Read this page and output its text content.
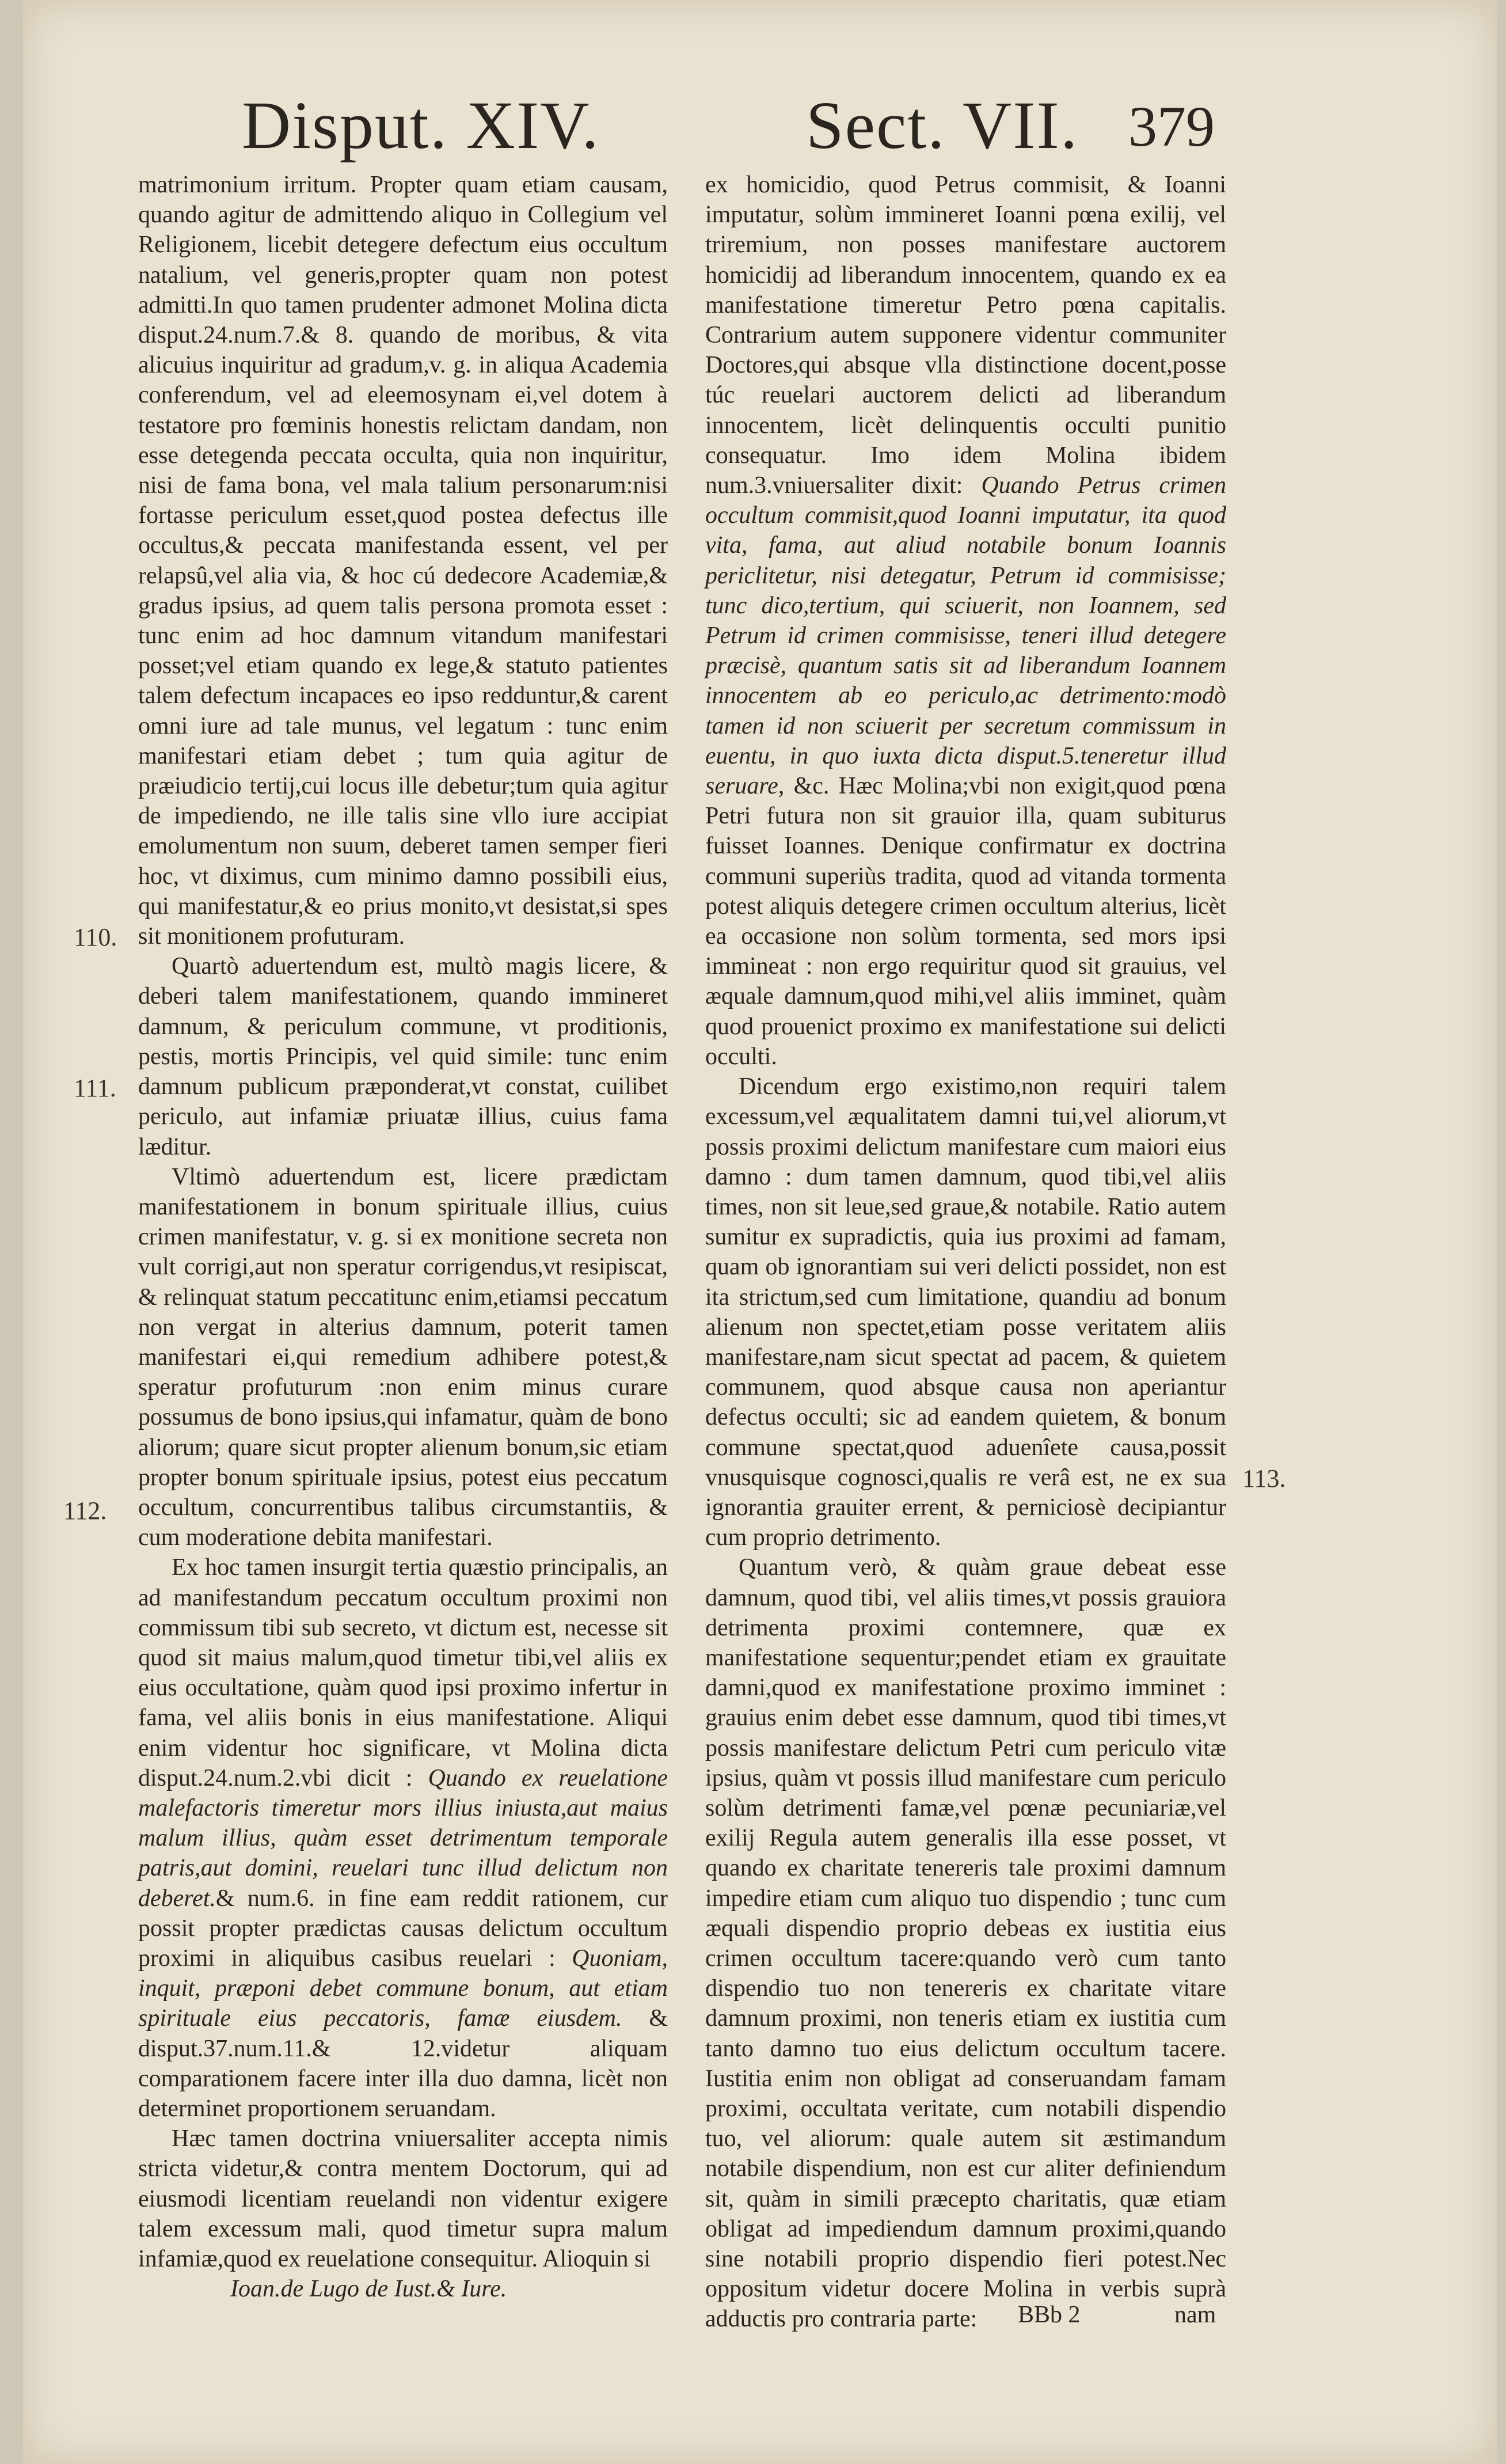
Disput. XIV.	Sect. VII. 379

matrimonium irritum. Propter quam etiam causam, quando agitur de admittendo aliquo in Collegium vel Religionem, licebit detegere defectum eius occultum natalium, vel generis,propter quam non potest admitti.In quo tamen prudenter admonet Molina dicta disput.24.num.7.& 8. quando de moribus, & vita alicuius inquiritur ad gradum,v. g. in aliqua Academia conferendum, vel ad eleemosynam ei,vel dotem à testatore pro fœminis honestis relictam dandam, non esse detegenda peccata occulta, quia non inquiritur, nisi de fama bona, vel mala talium personarum:nisi fortasse periculum esset,quod postea defectus ille occultus,& peccata manifestanda essent, vel per relapsû,vel alia via, & hoc cú dedecore Academiæ,& gradus ipsius, ad quem talis persona promota esset : tunc enim ad hoc damnum vitandum manifestari posset;vel etiam quando ex lege,& statuto patientes talem defectum incapaces eo ipso redduntur,& carent omni iure ad tale munus, vel legatum : tunc enim manifestari etiam debet ; tum quia agitur de præiudicio tertij,cui locus ille debetur;tum quia agitur de impediendo, ne ille talis sine vllo iure accipiat emolumentum non suum, deberet tamen semper fieri hoc, vt diximus, cum minimo damno possibili eius, qui manifestatur,& eo prius monito,vt desistat,si spes sit monitionem profuturam.

Quartò aduertendum est, multò magis licere, & deberi talem manifestationem, quando immineret damnum, & periculum commune, vt proditionis, pestis, mortis Principis, vel quid simile: tunc enim damnum publicum præponderat,vt constat, cuilibet periculo, aut infamiæ priuatæ illius, cuius fama læditur.

Vltimò aduertendum est, licere prædictam manifestationem in bonum spirituale illius, cuius crimen manifestatur, v. g. si ex monitione secreta non vult corrigi,aut non speratur corrigendus,vt resipiscat, & relinquat statum peccatitunc enim,etiamsi peccatum non vergat in alterius damnum, poterit tamen manifestari ei,qui remedium adhibere potest,& speratur profuturum :non enim minus curare possumus de bono ipsius,qui infamatur, quàm de bono aliorum; quare sicut propter alienum bonum,sic etiam propter bonum spirituale ipsius, potest eius peccatum occultum, concurrentibus talibus circumstantiis, & cum moderatione debita manifestari.

Ex hoc tamen insurgit tertia quæstio principalis, an ad manifestandum peccatum occultum proximi non commissum tibi sub secreto, vt dictum est, necesse sit quod sit maius malum,quod timetur tibi,vel aliis ex eius occultatione, quàm quod ipsi proximo infertur in fama, vel aliis bonis in eius manifestatione. Aliqui enim videntur hoc significare, vt Molina dicta disput.24.num.2.vbi dicit : Quando ex reuelatione malefactoris timeretur mors illius iniusta,aut maius malum illius, quàm esset detrimentum temporale patris,aut domini, reuelari tunc illud delictum non deberet.& num.6. in fine eam reddit rationem, cur possit propter prædictas causas delictum occultum proximi in aliquibus casibus reuelari : Quoniam, inquit, præponi debet commune bonum, aut etiam spirituale eius peccatoris, famæ eiusdem. & disput.37.num.11.& 12.videtur aliquam comparationem facere inter illa duo damna, licèt non determinet proportionem seruandam.

Hæc tamen doctrina vniuersaliter accepta nimis stricta videtur,& contra mentem Doctorum, qui ad eiusmodi licentiam reuelandi non videntur exigere talem excessum mali, quod timetur supra malum infamiæ,quod ex reuelatione consequitur. Alioquin si

Ioan.de Lugo de Iust.& Iure.

ex homicidio, quod Petrus commisit, & Ioanni imputatur, solùm immineret Ioanni pœna exilij, vel triremium, non posses manifestare auctorem homicidij ad liberandum innocentem, quando ex ea manifestatione timeretur Petro pœna capitalis. Contrarium autem supponere videntur communiter Doctores,qui absque vlla distinctione docent,posse túc reuelari auctorem delicti ad liberandum innocentem, licèt delinquentis occulti punitio consequatur. Imo idem Molina ibidem num.3.vniuersaliter dixit: Quando Petrus crimen occultum commisit,quod Ioanni imputatur, ita quod vita, fama, aut aliud notabile bonum Ioannis periclitetur, nisi detegatur, Petrum id commisisse; tunc dico,tertium, qui sciuerit, non Ioannem, sed Petrum id crimen commisisse, teneri illud detegere præcisè, quantum satis sit ad liberandum Ioannem innocentem ab eo periculo,ac detrimento:modò tamen id non sciuerit per secretum commissum in euentu, in quo iuxta dicta disput.5.teneretur illud seruare, &c. Hæc Molina;vbi non exigit,quod pœna Petri futura non sit grauior illa, quam subiturus fuisset Ioannes. Denique confirmatur ex doctrina communi superiùs tradita, quod ad vitanda tormenta potest aliquis detegere crimen occultum alterius, licèt ea occasione non solùm tormenta, sed mors ipsi immineat : non ergo requiritur quod sit grauius, vel æquale damnum,quod mihi,vel aliis imminet, quàm quod prouenict proximo ex manifestatione sui delicti occulti.

Dicendum ergo existimo,non requiri talem excessum,vel æqualitatem damni tui,vel aliorum,vt possis proximi delictum manifestare cum maiori eius damno : dum tamen damnum, quod tibi,vel aliis times, non sit leue,sed graue,& notabile. Ratio autem sumitur ex supradictis, quia ius proximi ad famam, quam ob ignorantiam sui veri delicti possidet, non est ita strictum,sed cum limitatione, quandiu ad bonum alienum non spectet,etiam posse veritatem aliis manifestare,nam sicut spectat ad pacem, & quietem communem, quod absque causa non aperiantur defectus occulti; sic ad eandem quietem, & bonum commune spectat,quod aduenîete causa,possit vnusquisque cognosci,qualis re verâ est, ne ex sua ignorantia grauiter errent, & perniciosè decipiantur cum proprio detrimento.

Quantum verò, & quàm graue debeat esse damnum, quod tibi, vel aliis times,vt possis grauiora detrimenta proximi contemnere, quæ ex manifestatione sequentur;pendet etiam ex grauitate damni,quod ex manifestatione proximo imminet : grauius enim debet esse damnum, quod tibi times,vt possis manifestare delictum Petri cum periculo vitæ ipsius, quàm vt possis illud manifestare cum periculo solùm detrimenti famæ,vel pœnæ pecuniariæ,vel exilij Regula autem generalis illa esse posset, vt quando ex charitate tenereris tale proximi damnum impedire etiam cum aliquo tuo dispendio ; tunc cum æquali dispendio proprio debeas ex iustitia eius crimen occultum tacere:quando verò cum tanto dispendio tuo non tenereris ex charitate vitare damnum proximi, non teneris etiam ex iustitia cum tanto damno tuo eius delictum occultum tacere. Iustitia enim non obligat ad conseruandam famam proximi, occultata veritate, cum notabili dispendio tuo, vel aliorum: quale autem sit æstimandum notabile dispendium, non est cur aliter definiendum sit, quàm in simili præcepto charitatis, quæ etiam obligat ad impediendum damnum proximi,quando sine notabili proprio dispendio fieri potest.Nec oppositum videtur docere Molina in verbis suprà adductis pro contraria parte:

110.
111.
112.
113.
BBb 2	nam
